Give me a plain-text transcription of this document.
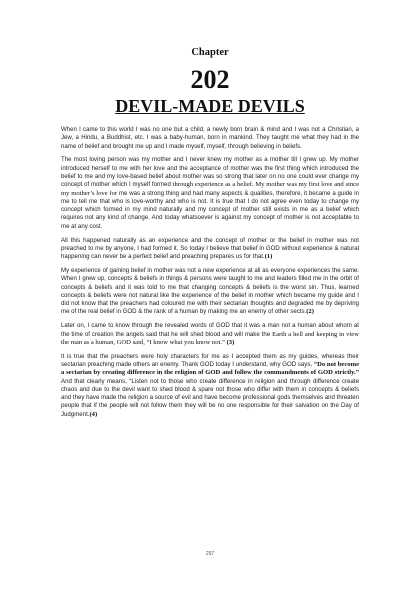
Chapter
202
DEVIL-MADE DEVILS

When I came to this world I was no one but a child, a newly born brain & mind and I was not a Christian, a Jew, a Hindu, a Buddhist, etc. I was a baby-human, born in mankind. They taught me what they had in the name of belief and brought me up and I made myself, myself, through believing in beliefs.

The most loving person was my mother and I never knew my mother as a mother till I grew up. My mother introduced herself to me with her love and the acceptance of mother was the first thing which introduced the belief to me and my love-based belief about mother was so strong that later on no one could ever change my concept of mother which I myself formed through experience as a belief. My mother was my first love and since my mother’s love for me was a strong thing and had many aspects & qualities, therefore, it became a guide in me to tell me that who is love-worthy and who is not. It is true that I do not agree even today to change my concept which formed in my mind naturally and my concept of mother still exists in me as a belief which requires not any kind of change. And today whatsoever is against my concept of mother is not acceptable to me at any cost.

All this happened naturally as an experience and the concept of mother or the belief in mother was not preached to me by anyone, I had formed it. So today I believe that belief in GOD without experience & natural happening can never be a perfect belief and preaching prepares us for that.(1)

My experience of gaining belief in mother was not a new experience at all as everyone experiences the same. When I grew up, concepts & beliefs in things & persons were taught to me and leaders filled me in the orbit of concepts & beliefs and it was told to me that changing concepts & beliefs is the worst sin. Thus, learned concepts & beliefs were not natural like the experience of the belief in mother which became my guide and I did not know that the preachers had coloured me with their sectarian thoughts and degraded me by depriving me of the real belief in GOD & the rank of a human by making me an enemy of other sects.(2)

Later on, I came to know through the revealed words of GOD that it was a man not a human about whom at the time of creation the angels said that he will shed blood and will make the Earth a hell and keeping in view the man as a human, GOD said, “I know what you know not.” (3)

It is true that the preachers were holy characters for me as I accepted them as my guides, whereas their sectarian preaching made others an enemy. Thank GOD today I understand, why GOD says, “Do not become a sectarian by creating difference in the religion of GOD and follow the commandments of GOD strictly.” And that clearly means, “Listen not to those who create difference in religion and through difference create chaos and due to the devil want to shed blood & spare not those who differ with them in concepts & beliefs and they have made the religion a source of evil and have become professional gods themselves and threaten people that if the people will not follow them they will be no one responsible for their salvation on the Day of Judgment.(4)

297
